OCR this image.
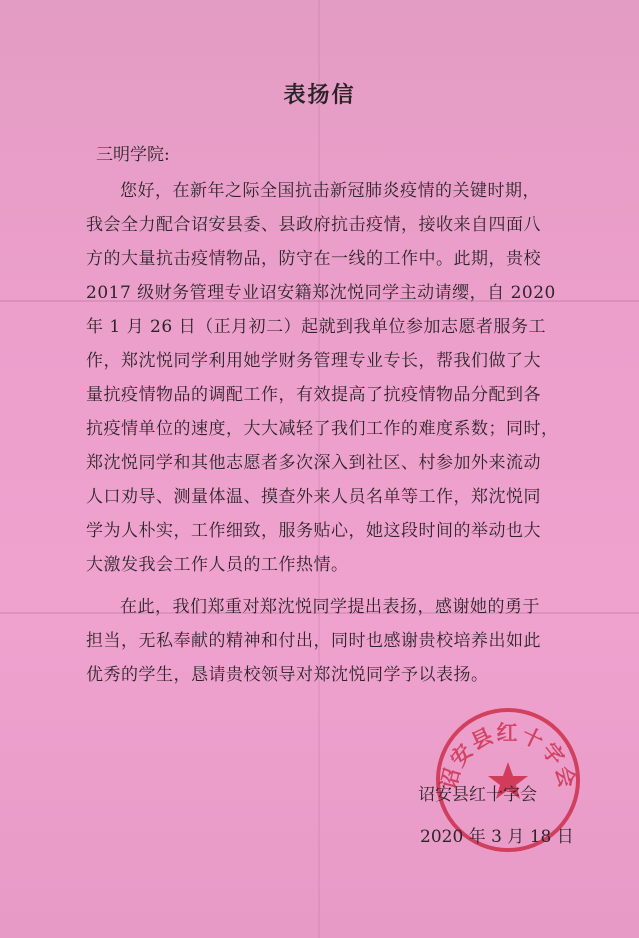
表扬信
三明学院:
您好，在新年之际全国抗击新冠肺炎疫情的关键时期，
我会全力配合诏安县委、县政府抗击疫情，接收来自四面八
方的大量抗击疫情物品，防守在一线的工作中。此期，贵校
2017 级财务管理专业诏安籍郑沈悦同学主动请缨，自 2020
年 1 月 26 日（正月初二）起就到我单位参加志愿者服务工
作，郑沈悦同学利用她学财务管理专业专长，帮我们做了大
量抗疫情物品的调配工作，有效提高了抗疫情物品分配到各
抗疫情单位的速度，大大减轻了我们工作的难度系数；同时，
郑沈悦同学和其他志愿者多次深入到社区、村参加外来流动
人口劝导、测量体温、摸查外来人员名单等工作，郑沈悦同
学为人朴实，工作细致，服务贴心，她这段时间的举动也大
大激发我会工作人员的工作热情。
在此，我们郑重对郑沈悦同学提出表扬，感谢她的勇于
担当，无私奉献的精神和付出，同时也感谢贵校培养出如此
优秀的学生，恳请贵校领导对郑沈悦同学予以表扬。
诏安县红十字会
诏安县红十字会
2020 年 3 月 18 日
